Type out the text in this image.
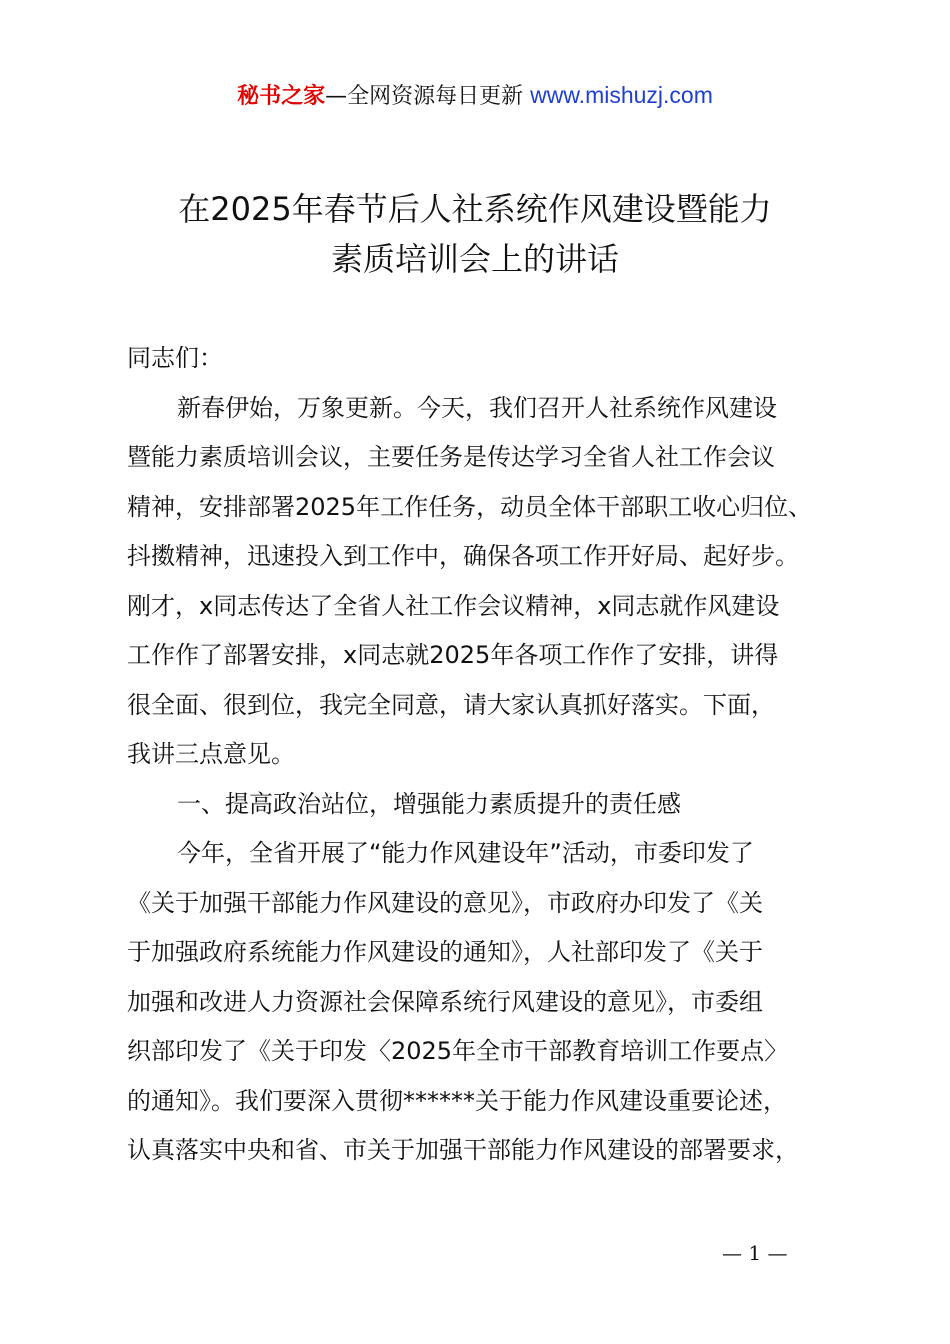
秘书之家—全网资源每日更新 www.mishuzj.com
在2025年春节后人社系统作风建设暨能力
素质培训会上的讲话
同志们：
新春伊始，万象更新。今天，我们召开人社系统作风建设
暨能力素质培训会议，主要任务是传达学习全省人社工作会议
精神，安排部署2025年工作任务，动员全体干部职工收心归位、
抖擞精神，迅速投入到工作中，确保各项工作开好局、起好步。
刚才，x同志传达了全省人社工作会议精神，x同志就作风建设
工作作了部署安排，x同志就2025年各项工作作了安排，讲得
很全面、很到位，我完全同意，请大家认真抓好落实。下面，
我讲三点意见。
一、提高政治站位，增强能力素质提升的责任感
今年，全省开展了“能力作风建设年”活动，市委印发了
《关于加强干部能力作风建设的意见》，市政府办印发了《关
于加强政府系统能力作风建设的通知》，人社部印发了《关于
加强和改进人力资源社会保障系统行风建设的意见》，市委组
织部印发了《关于印发〈2025年全市干部教育培训工作要点〉
的通知》。我们要深入贯彻******关于能力作风建设重要论述，
认真落实中央和省、市关于加强干部能力作风建设的部署要求，
— 1 —
